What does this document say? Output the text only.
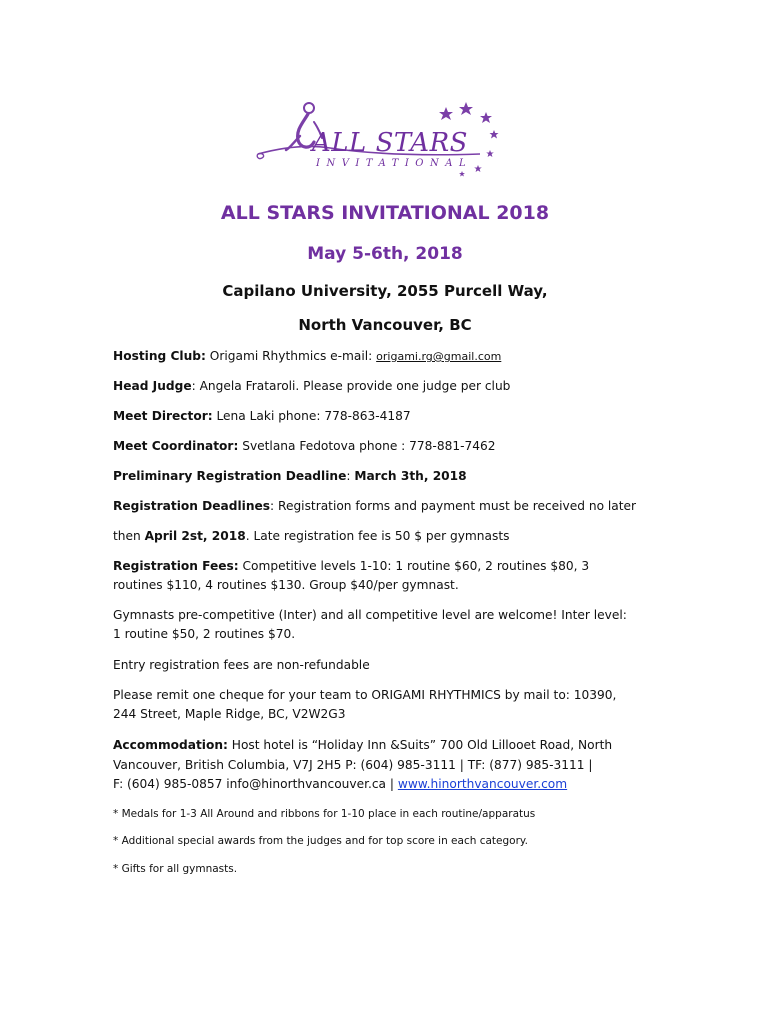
ALL STARS
INVITATIONAL
ALL STARS INVITATIONAL 2018
May 5-6th, 2018
Capilano University, 2055 Purcell Way,
North Vancouver, BC
Hosting Club: Origami Rhythmics e-mail: origami.rg@gmail.com
Head Judge: Angela Frataroli. Please provide one judge per club
Meet Director: Lena Laki phone: 778-863-4187
Meet Coordinator: Svetlana Fedotova phone : 778-881-7462
Preliminary Registration Deadline: March 3th, 2018
Registration Deadlines: Registration forms and payment must be received no later
then April 2st, 2018. Late registration fee is 50 $ per gymnasts
Registration Fees: Competitive levels 1-10: 1 routine $60, 2 routines $80, 3
routines $110, 4 routines $130. Group $40/per gymnast.
Gymnasts pre-competitive (Inter) and all competitive level are welcome! Inter level:
1 routine $50, 2 routines $70.
Entry registration fees are non-refundable
Please remit one cheque for your team to ORIGAMI RHYTHMICS by mail to: 10390,
244 Street, Maple Ridge, BC, V2W2G3
Accommodation: Host hotel is “Holiday Inn &Suits” 700 Old Lillooet Road, North
Vancouver, British Columbia, V7J 2H5 P: (604) 985-3111 | TF: (877) 985-3111 |
F: (604) 985-0857 info@hinorthvancouver.ca | www.hinorthvancouver.com
* Medals for 1-3 All Around and ribbons for 1-10 place in each routine/apparatus
* Additional special awards from the judges and for top score in each category.
* Gifts for all gymnasts.
